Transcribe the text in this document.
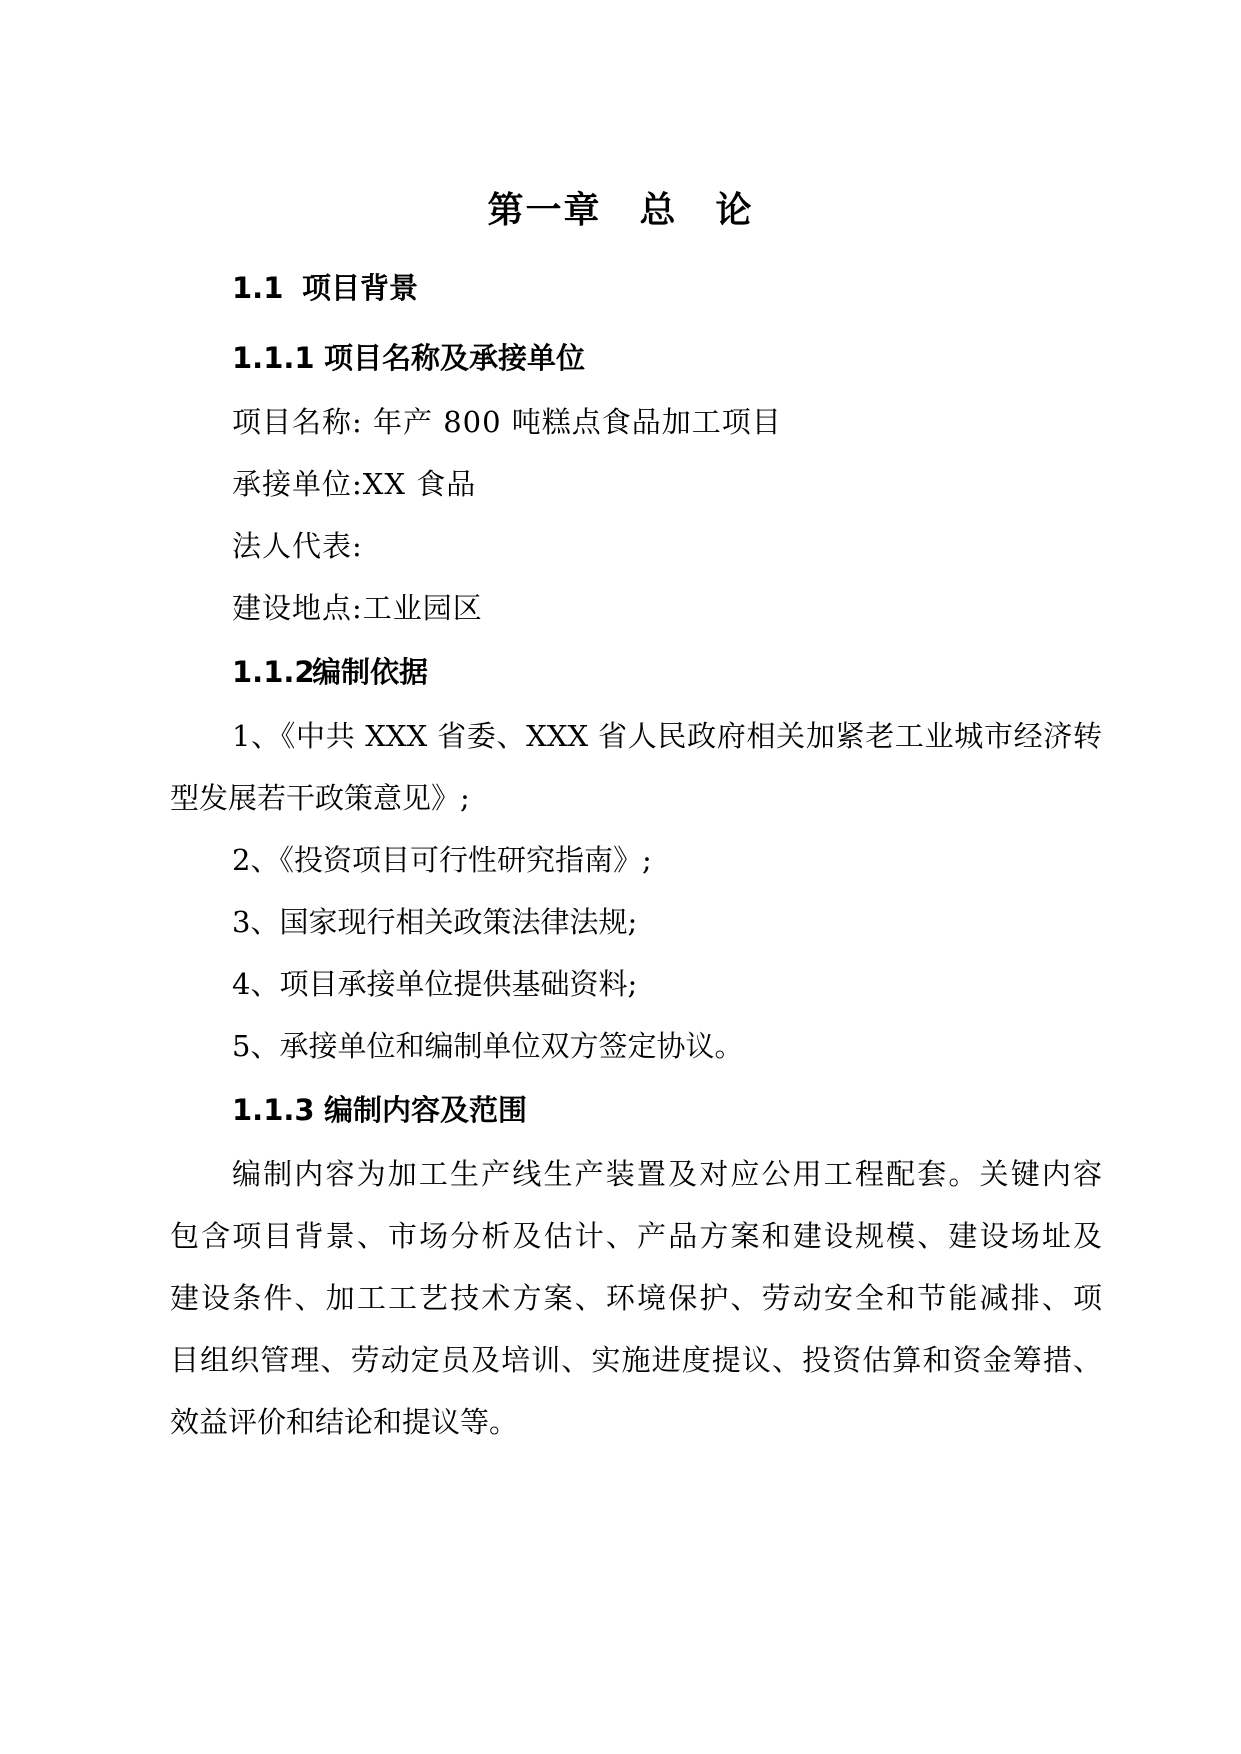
第一章 总 论
1.1 项目背景
1.1.1 项目名称及承接单位
项目名称: 年产 800 吨糕点食品加工项目
承接单位:XX 食品
法人代表:
建设地点:工业园区
1.1.2编制依据
1、《中共 XXX 省委、XXX 省人民政府相关加紧老工业城市经济转
型发展若干政策意见》;
2、《投资项目可行性研究指南》;
3、国家现行相关政策法律法规;
4、项目承接单位提供基础资料;
5、承接单位和编制单位双方签定协议。
1.1.3 编制内容及范围
编制内容为加工生产线生产装置及对应公用工程配套。关键内容
包含项目背景、市场分析及估计、产品方案和建设规模、建设场址及
建设条件、加工工艺技术方案、环境保护、劳动安全和节能减排、项
目组织管理、劳动定员及培训、实施进度提议、投资估算和资金筹措、
效益评价和结论和提议等。
